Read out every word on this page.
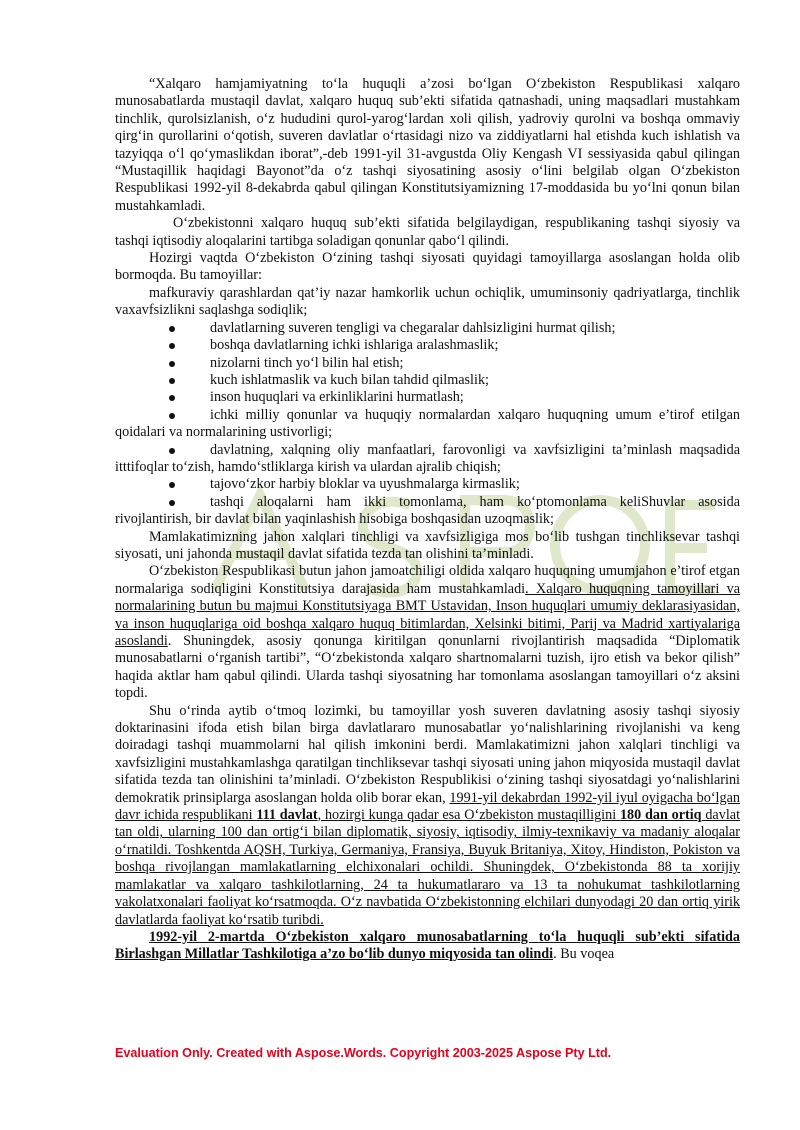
“Xalqaro hamjamiyatning to‘la huquqli a’zosi bo‘lgan O‘zbekiston Respublikasi xalqaro munosabatlarda mustaqil davlat, xalqaro huquq sub’ekti sifatida qatnashadi, uning maqsadlari mustahkam tinchlik, qurolsizlanish, o‘z hududini qurol-yarog‘lardan xoli qilish, yadroviy qurolni va boshqa ommaviy qirg‘in qurollarini o‘qotish, suveren davlatlar o‘rtasidagi nizo va ziddiyatlarni hal etishda kuch ishlatish va tazyiqqa o‘l qo‘ymaslikdan iborat”,-deb 1991-yil 31-avgustda Oliy Kengash VI sessiyasida qabul qilingan “Mustaqillik haqidagi Bayonot”da o‘z tashqi siyosatining asosiy o‘lini belgilab olgan O‘zbekiston Respublikasi 1992-yil 8-dekabrda qabul qilingan Konstitutsiyamizning 17-moddasida bu yo‘lni qonun bilan mustahkamladi.

O‘zbekistonni xalqaro huquq sub’ekti sifatida belgilaydigan, respublikaning tashqi siyosiy va tashqi iqtisodiy aloqalarini tartibga soladigan qonunlar qabo‘l qilindi.

Hozirgi vaqtda O‘zbekiston O‘zining tashqi siyosati quyidagi tamoyillarga asoslangan holda olib bormoqda. Bu tamoyillar:

mafkuraviy qarashlardan qat’iy nazar hamkorlik uchun ochiqlik, umuminsoniy qadriyatlarga, tinchlik vaxavfsizlikni saqlashga sodiqlik;

davlatlarning suveren tengligi va chegaralar dahlsizligini hurmat qilish;

boshqa davlatlarning ichki ishlariga aralashmaslik;

nizolarni tinch yo‘l bilin hal etish;

kuch ishlatmaslik va kuch bilan tahdid qilmaslik;

inson huquqlari va erkinliklarini hurmatlash;

ichki milliy qonunlar va huquqiy normalardan xalqaro huquqning umum e’tirof etilgan qoidalari va normalarining ustivorligi;

davlatning, xalqning oliy manfaatlari, farovonligi va xavfsizligini ta’minlash maqsadida itttifoqlar to‘zish, hamdo‘stliklarga kirish va ulardan ajralib chiqish;

tajovo‘zkor harbiy bloklar va uyushmalarga kirmaslik;

tashqi aloqalarni ham ikki tomonlama, ham ko‘ptomonlama keliShuvlar asosida rivojlantirish, bir davlat bilan yaqinlashish hisobiga boshqasidan uzoqmaslik;

Mamlakatimizning jahon xalqlari tinchligi va xavfsizligiga mos bo‘lib tushgan tinchliksevar tashqi siyosati, uni jahonda mustaqil davlat sifatida tezda tan olishini ta’minladi.

O‘zbekiston Respublikasi butun jahon jamoatchiligi oldida xalqaro huquqning umumjahon e’tirof etgan normalariga sodiqligini Konstitutsiya darajasida ham mustahkamladi. Xalqaro huquqning tamoyillari va normalarining butun bu majmui Konstitutsiyaga BMT Ustavidan, Inson huquqlari umumiy deklarasiyasidan, va inson huquqlariga oid boshqa xalqaro huquq bitimlardan, Xelsinki bitimi, Parij va Madrid xartiyalariga asoslandi. Shuningdek, asosiy qonunga kiritilgan qonunlarni rivojlantirish maqsadida “Diplomatik munosabatlarni o‘rganish tartibi”, “O‘zbekistonda xalqaro shartnomalarni tuzish, ijro etish va bekor qilish” haqida aktlar ham qabul qilindi. Ularda tashqi siyosatning har tomonlama asoslangan tamoyillari o‘z aksini topdi.

Shu o‘rinda aytib o‘tmoq lozimki, bu tamoyillar yosh suveren davlatning asosiy tashqi siyosiy doktarinasini ifoda etish bilan birga davlatlararo munosabatlar yo‘nalishlarining rivojlanishi va keng doiradagi tashqi muammolarni hal qilish imkonini berdi. Mamlakatimizni jahon xalqlari tinchligi va xavfsizligini mustahkamlashga qaratilgan tinchliksevar tashqi siyosati uning jahon miqyosida mustaqil davlat sifatida tezda tan olinishini ta’minladi. O‘zbekiston Respublikisi o‘zining tashqi siyosatdagi yo‘nalishlarini demokratik prinsiplarga asoslangan holda olib borar ekan, 1991-yil dekabrdan 1992-yil iyul oyigacha bo‘lgan davr ichida respublikani 111 davlat, hozirgi kunga qadar esa O‘zbekiston mustaqilligini 180 dan ortiq davlat tan oldi, ularning 100 dan ortig‘i bilan diplomatik, siyosiy, iqtisodiy, ilmiy-texnikaviy va madaniy aloqalar o‘rnatildi. Toshkentda AQSH, Turkiya, Germaniya, Fransiya, Buyuk Britaniya, Xitoy, Hindiston, Pokiston va boshqa rivojlangan mamlakatlarning elchixonalari ochildi. Shuningdek, O‘zbekistonda 88 ta xorijiy mamlakatlar va xalqaro tashkilotlarning, 24 ta hukumatlararo va 13 ta nohukumat tashkilotlarning vakolatxonalari faoliyat ko‘rsatmoqda. O‘z navbatida O‘zbekistonning elchilari dunyodagi 20 dan ortiq yirik davlatlarda faoliyat ko‘rsatib turibdi.

1992-yil 2-martda O‘zbekiston xalqaro munosabatlarning to‘la huquqli sub’ekti sifatida Birlashgan Millatlar Tashkilotiga a’zo bo‘lib dunyo miqyosida tan olindi. Bu voqea

Evaluation Only. Created with Aspose.Words. Copyright 2003-2025 Aspose Pty Ltd.
